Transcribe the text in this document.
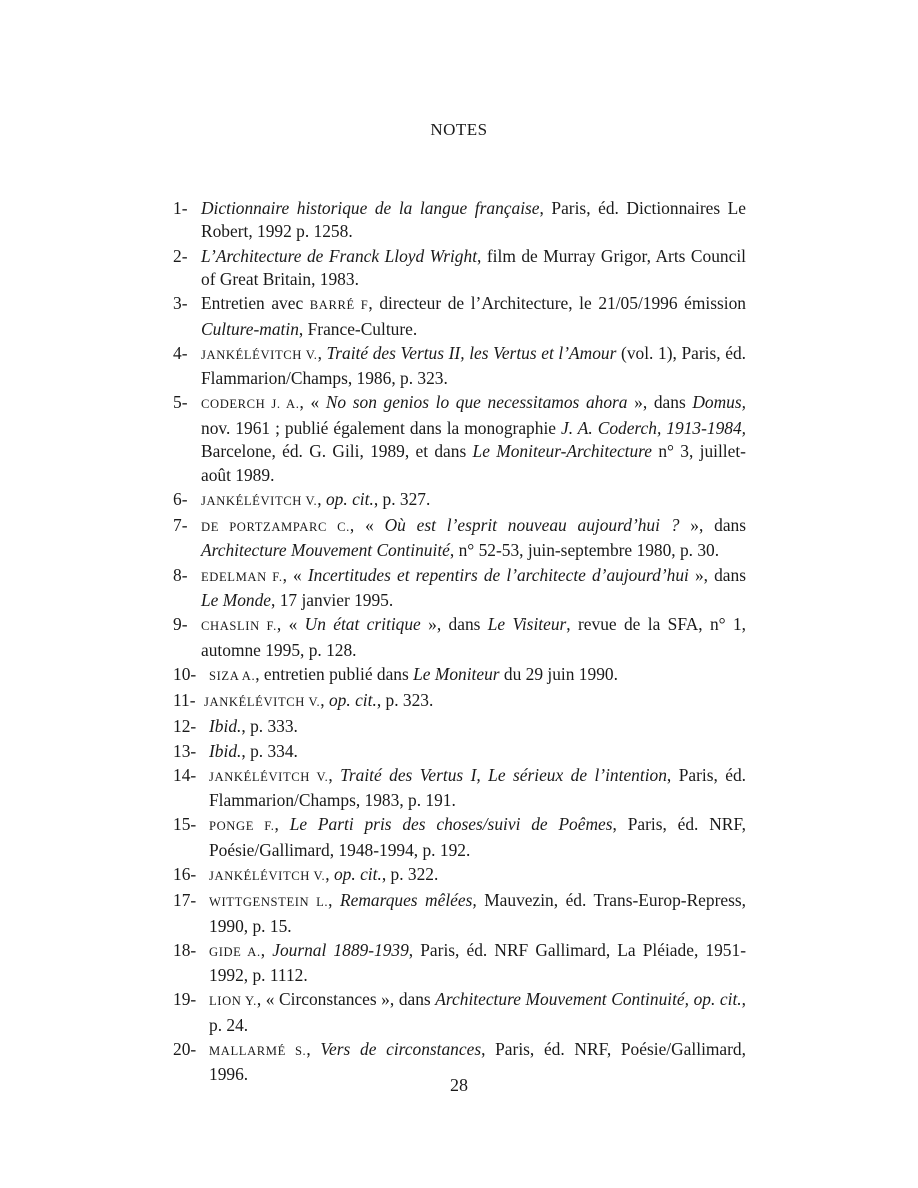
NOTES
1- Dictionnaire historique de la langue française, Paris, éd. Dictionnaires Le Robert, 1992 p. 1258.
2- L’Architecture de Franck Lloyd Wright, film de Murray Grigor, Arts Council of Great Britain, 1983.
3- Entretien avec BARRÉ F, directeur de l’Architecture, le 21/05/1996 émission Culture-matin, France-Culture.
4- JANKÉLÉVITCH V., Traité des Vertus II, les Vertus et l’Amour (vol. 1), Paris, éd. Flammarion/Champs, 1986, p. 323.
5- CODERCH J. A., « No son genios lo que necessitamos ahora », dans Domus, nov. 1961 ; publié également dans la monographie J. A. Coderch, 1913-1984, Barcelone, éd. G. Gili, 1989, et dans Le Moniteur-Architecture n° 3, juillet-août 1989.
6- JANKÉLÉVITCH V., op. cit., p. 327.
7- DE PORTZAMPARC C., « Où est l’esprit nouveau aujourd’hui ? », dans Architecture Mouvement Continuité, n° 52-53, juin-septembre 1980, p. 30.
8- EDELMAN F., « Incertitudes et repentirs de l’architecte d’aujourd’hui », dans Le Monde, 17 janvier 1995.
9- CHASLIN F., « Un état critique », dans Le Visiteur, revue de la SFA, n° 1, automne 1995, p. 128.
10- SIZA A., entretien publié dans Le Moniteur du 29 juin 1990.
11- JANKÉLÉVITCH V., op. cit., p. 323.
12- Ibid., p. 333.
13- Ibid., p. 334.
14- JANKÉLÉVITCH V., Traité des Vertus I, Le sérieux de l’intention, Paris, éd. Flammarion/Champs, 1983, p. 191.
15- PONGE F., Le Parti pris des choses/suivi de Poêmes, Paris, éd. NRF, Poésie/Gallimard, 1948-1994, p. 192.
16- JANKÉLÉVITCH V., op. cit., p. 322.
17- WITTGENSTEIN L., Remarques mêlées, Mauvezin, éd. Trans-Europ-Repress, 1990, p. 15.
18- GIDE A., Journal 1889-1939, Paris, éd. NRF Gallimard, La Pléiade, 1951-1992, p. 1112.
19- LION Y., « Circonstances », dans Architecture Mouvement Continuité, op. cit., p. 24.
20- MALLARMÉ S., Vers de circonstances, Paris, éd. NRF, Poésie/Gallimard, 1996.
28
